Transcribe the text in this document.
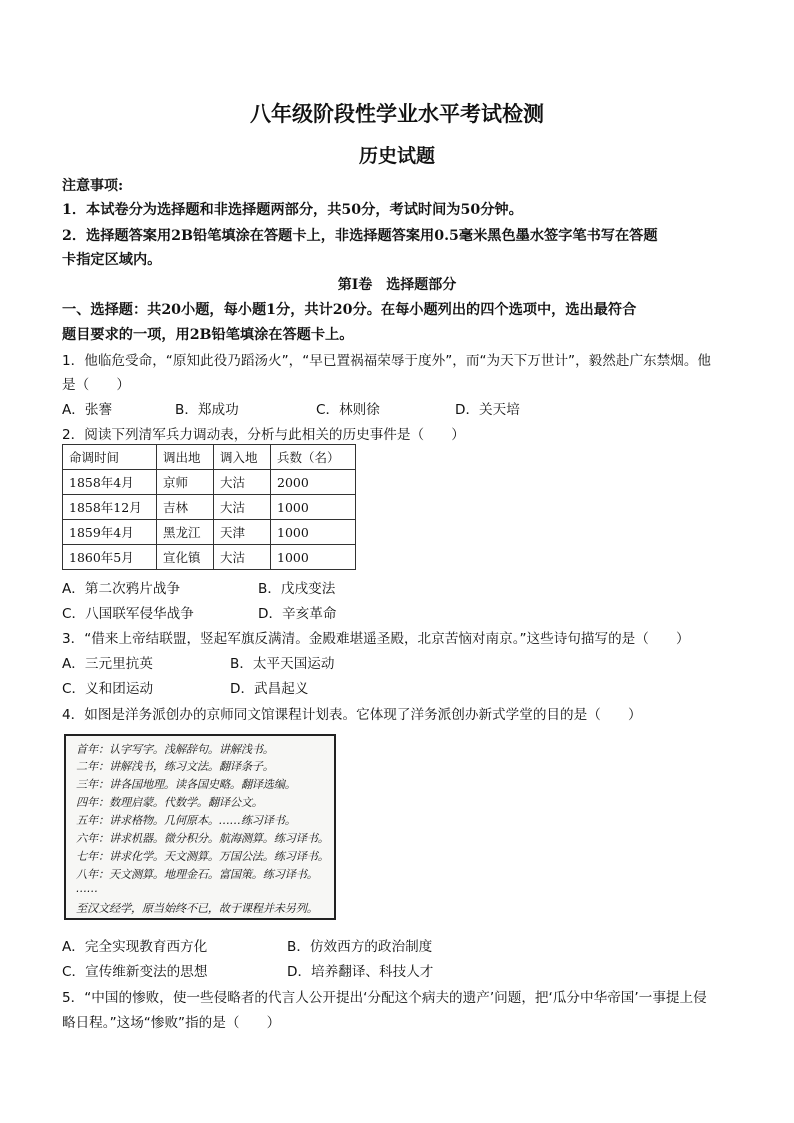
八年级阶段性学业水平考试检测
历史试题
注意事项:
1．本试卷分为选择题和非选择题两部分，共50分，考试时间为50分钟。
2．选择题答案用2B铅笔填涂在答题卡上，非选择题答案用0.5毫米黑色墨水签字笔书写在答题
卡指定区域内。
第Ⅰ卷　选择题部分
一、选择题：共20小题，每小题1分，共计20分。在每小题列出的四个选项中，选出最符合
题目要求的一项，用2B铅笔填涂在答题卡上。
1．他临危受命，“原知此役乃蹈汤火”，“早已置祸福荣辱于度外”，而“为天下万世计”，毅然赴广东禁烟。他
是（　　）
A．张謇	B．郑成功	C．林则徐	D．关天培
2．阅读下列清军兵力调动表，分析与此相关的历史事件是（　　）
命调时间	调出地	调入地	兵数（名）
1858年4月	京师	大沽	2000
1858年12月	吉林	大沽	1000
1859年4月	黑龙江	天津	1000
1860年5月	宣化镇	大沽	1000
A．第二次鸦片战争	B．戊戌变法
C．八国联军侵华战争	D．辛亥革命
3．“借来上帝结联盟，竖起军旗反满清。金殿难堪遥圣殿，北京苦恼对南京。”这些诗句描写的是（　　）
A．三元里抗英	B．太平天国运动
C．义和团运动	D．武昌起义
4．如图是洋务派创办的京师同文馆课程计划表。它体现了洋务派创办新式学堂的目的是（　　）
首年：认字写字。浅解辞句。讲解浅书。
二年：讲解浅书，练习文法。翻译条子。
三年：讲各国地理。读各国史略。翻译选编。
四年：数理启蒙。代数学。翻译公文。
五年：讲求格物。几何原本。……练习译书。
六年：讲求机器。微分积分。航海测算。练习译书。
七年：讲求化学。天文测算。万国公法。练习译书。
八年：天文测算。地理金石。富国策。练习译书。
……
至汉文经学，原当始终不已，故于课程并未另列。
A．完全实现教育西方化	B．仿效西方的政治制度
C．宣传维新变法的思想	D．培养翻译、科技人才
5．“中国的惨败，使一些侵略者的代言人公开提出‘分配这个病夫的遗产’问题，把‘瓜分中华帝国’一事提上侵
略日程。”这场“惨败”指的是（　　）
